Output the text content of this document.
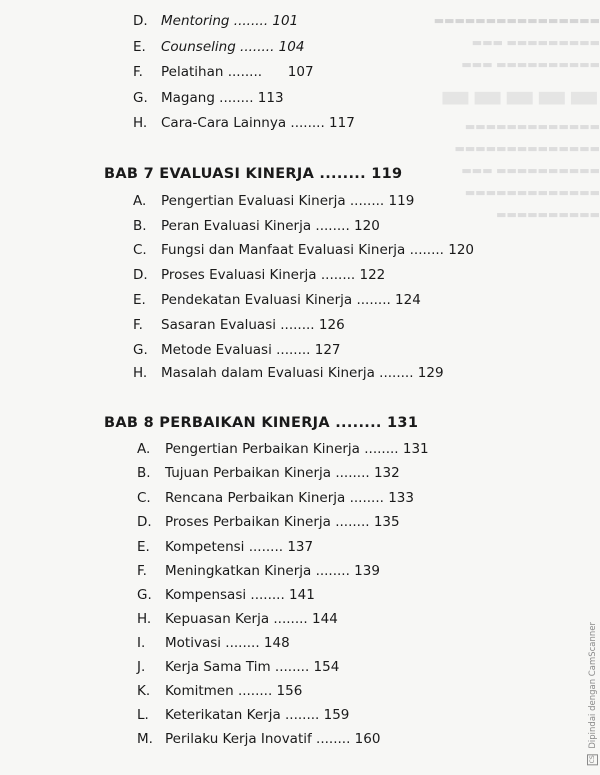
▬▬▬▬▬▬▬▬▬▬▬▬▬▬▬▬
▬▬▬▬▬▬▬▬▬ ▬▬▬
▬▬▬▬▬▬▬▬▬▬ ▬▬▬
▬▬▬▬▬
▬▬▬▬▬▬▬▬▬▬▬▬▬
▬▬▬▬▬▬▬▬▬▬▬▬▬▬
▬▬▬▬▬▬▬▬▬▬ ▬▬▬
▬▬▬▬▬▬▬▬▬▬▬▬▬
▬▬▬▬▬▬▬▬▬▬
D. Mentoring ........ 101
E. Counseling ........ 104
F. Pelatihan ........      107
G. Magang ........ 113
H. Cara-Cara Lainnya ........ 117
BAB 7 EVALUASI KINERJA ........ 119
A. Pengertian Evaluasi Kinerja ........ 119
B. Peran Evaluasi Kinerja ........ 120
C. Fungsi dan Manfaat Evaluasi Kinerja ........ 120
D. Proses Evaluasi Kinerja ........ 122
E. Pendekatan Evaluasi Kinerja ........ 124
F. Sasaran Evaluasi ........ 126
G. Metode Evaluasi ........ 127
H. Masalah dalam Evaluasi Kinerja ........ 129
BAB 8 PERBAIKAN KINERJA ........ 131
A. Pengertian Perbaikan Kinerja ........ 131
B. Tujuan Perbaikan Kinerja ........ 132
C. Rencana Perbaikan Kinerja ........ 133
D. Proses Perbaikan Kinerja ........ 135
E. Kompetensi ........ 137
F. Meningkatkan Kinerja ........ 139
G. Kompensasi ........ 141
H. Kepuasan Kerja ........ 144
I. Motivasi ........ 148
J. Kerja Sama Tim ........ 154
K. Komitmen ........ 156
L. Keterikatan Kerja ........ 159
M. Perilaku Kerja Inovatif ........ 160
CS Dipindai dengan CamScanner
